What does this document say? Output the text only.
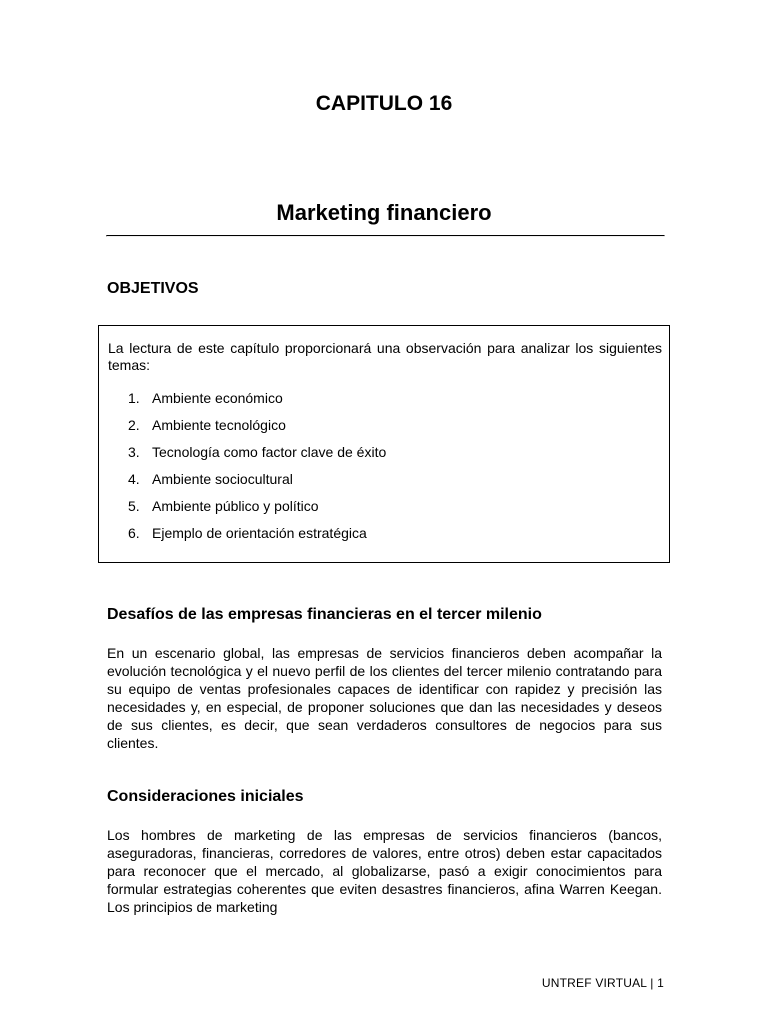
CAPITULO 16
Marketing financiero
OBJETIVOS

La lectura de este capítulo proporcionará una observación para analizar los siguientes temas:

1. Ambiente económico
2. Ambiente tecnológico
3. Tecnología como factor clave de éxito
4. Ambiente sociocultural
5. Ambiente público y político
6. Ejemplo de orientación estratégica
Desafíos de las empresas financieras en el tercer milenio

En un escenario global, las empresas de servicios financieros deben acompañar la evolución tecnológica y el nuevo perfil de los clientes del tercer milenio contratando para su equipo de ventas profesionales capaces de identificar con rapidez y precisión las necesidades y, en especial, de proponer soluciones que dan las necesidades y deseos de sus clientes, es decir, que sean verdaderos consultores de negocios para sus clientes.

Consideraciones iniciales

Los hombres de marketing de las empresas de servicios financieros (bancos, aseguradoras, financieras, corredores de valores, entre otros) deben estar capacitados para reconocer que el mercado, al globalizarse, pasó a exigir conocimientos para formular estrategias coherentes que eviten desastres financieros, afina Warren Keegan. Los principios de marketing

UNTREF VIRTUAL | 1
